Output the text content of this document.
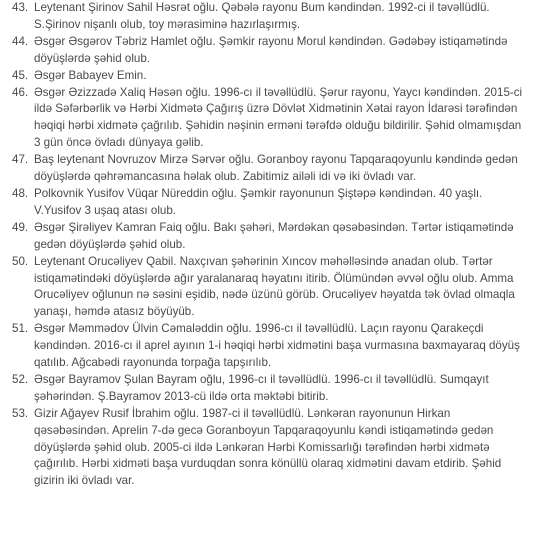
43. Leytenant Şirinov Sahil Həsrət oğlu. Qəbələ rayonu Bum kəndindən. 1992-ci il təvəllüdlü.
S.Şirinov nişanlı olub, toy mərasiminə hazırlaşırmış.
44. Əsgər Əsgərov Təbriz Hamlet oğlu. Şəmkir rayonu Morul kəndindən. Gədəbəy istiqamətində
döyüşlərdə şəhid olub.
45. Əsgər Babayev Emin.
46. Əsgər Əzizzadə Xaliq Həsən oğlu. 1996-cı il təvəllüdlü. Şərur rayonu, Yaycı kəndindən. 2015-ci
ildə Səfərbərlik və Hərbi Xidmətə Çağırış üzrə Dövlət Xidmətinin Xətai rayon İdarəsi tərəfindən
həqiqi hərbi xidmətə çağrılıb. Şəhidin nəşinin erməni tərəfdə olduğu bildirilir. Şəhid olmamışdan
3 gün öncə övladı dünyaya gəlib.
47. Baş leytenant Novruzov Mirzə Sərvər oğlu. Goranboy rayonu Tapqaraqoyunlu kəndində gedən
döyüşlərdə qəhrəmancasına həlak olub. Zabitimiz ailəli idi və iki övladı var.
48. Polkovnik Yusifov Vüqar Nüreddin oğlu. Şəmkir rayonunun Şiştəpə kəndindən. 40 yaşlı.
V.Yusifov 3 uşaq atası olub.
49. Əsgər Şirəliyev Kamran Faiq oğlu. Bakı şəhəri, Mərdəkan qəsəbəsindən. Tərtər istiqamətində
gedən döyüşlərdə şəhid olub.
50. Leytenant Orucəliyev Qabil. Naxçıvan şəhərinin Xıncov məhəlləsində anadan olub. Tərtər
istiqamətindəki döyüşlərdə ağır yaralanaraq həyatını itirib. Ölümündən əvvəl oğlu olub. Amma
Orucəliyev oğlunun nə səsini eşidib, nədə üzünü görüb. Orucəliyev həyatda tək övlad olmaqla
yanaşı, həmdə atasız böyüyüb.
51. Əsgər Məmmədov Ülvin Cəmaləddin oğlu. 1996-cı il təvəllüdlü. Laçın rayonu Qarakeçdi
kəndindən. 2016-cı il aprel ayının 1-i həqiqi hərbi xidmətini başa vurmasına baxmayaraq döyüş
qatılıb. Ağcabədi rayonunda torpağa tapşırılıb.
52. Əsgər Bayramov Şulan Bayram oğlu, 1996-cı il təvəllüdlü. 1996-cı il təvəllüdlü. Sumqayıt
şəhərindən. Ş.Bayramov 2013-cü ildə orta məktəbi bitirib.
53. Gizir Ağayev Rusif İbrahim oğlu. 1987-ci il təvəllüdlü. Lənkəran rayonunun Hirkan
qəsəbəsindən. Aprelin 7-də gecə Goranboyun Tapqaraqoyunlu kəndi istiqamətində gedən
döyüşlərdə şəhid olub. 2005-ci ildə Lənkəran Hərbi Komissarlığı tərəfindən hərbi xidmətə
çağırılıb. Hərbi xidməti başa vurduqdan sonra könüllü olaraq xidmətini davam etdirib. Şəhid
gizirin iki övladı var.
